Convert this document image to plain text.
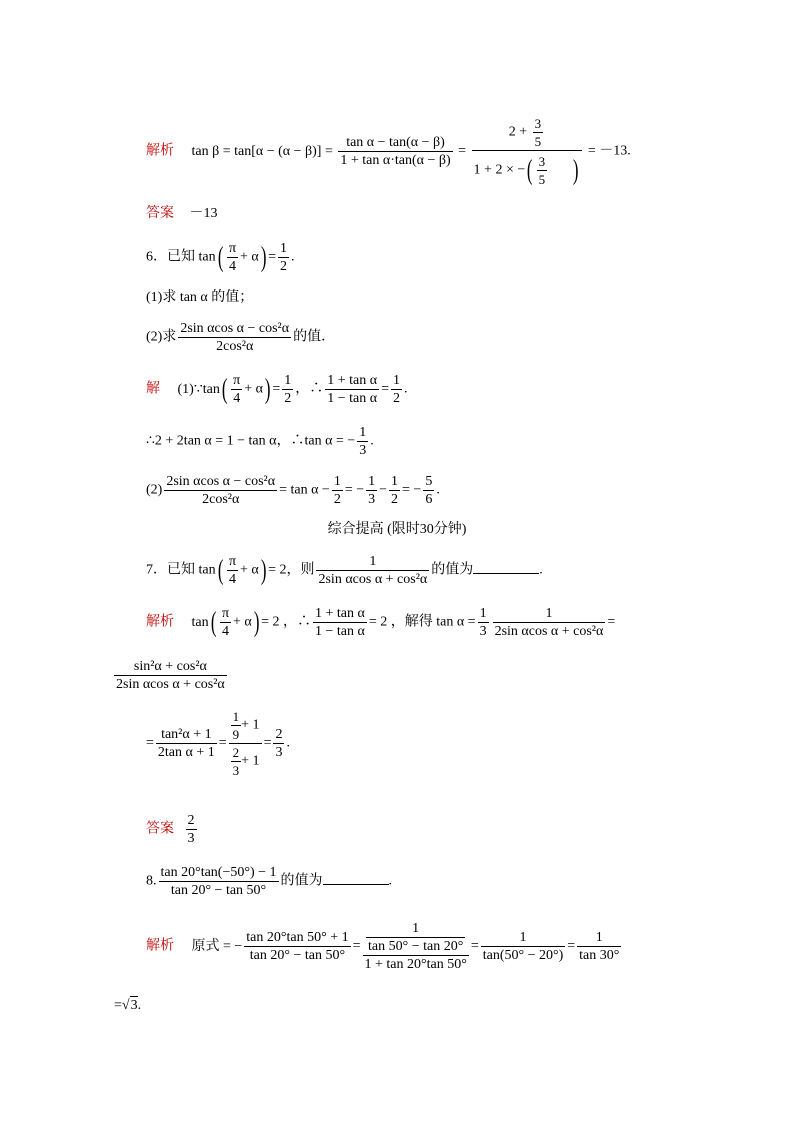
解析 $\tan \beta = \tan[\alpha - (\alpha - \beta)] = \frac{\text{tan α − tan(α − β)}}{\text{1 + tan α·tan(α − β)}} = \frac{2 + \frac{3}{5}}{1 + 2 \times -( \frac{3}{5} )} = -13$.
答案 －13
6．已知 $\tan( \frac{\pi}{4} + \alpha) = \frac{1}{2}$ .
(1)求 tan α 的值；
(2)求 $\frac{\text{2sin αcos α − cos²α}}{\text{2cos²α}}$ 的值．
解 (1)∵tan( $\frac{\pi}{4} + \alpha) = \frac{1}{2}$ ，∴ $\frac{\text{1 + tan α}}{\text{1 − tan α}} = \frac{1}{2}$ .
∴2 + 2tan α = 1 − tan α，∴tan α = − $\frac{1}{3}$ .
$(2) \frac{\text{2sin αcos α − cos²α}}{\text{2cos²α}} = \tan \alpha - \frac{1}{2}$ = − $\frac{1}{3} - \frac{1}{2}$ = − $\frac{5}{6}$ .
综合提高 (限时30分钟)
7．已知 $\tan( \frac{\pi}{4} + \alpha) = 2$，则 $\frac{1}{\text{2sin αcos α + cos²α}}$ 的值为	.
解析 $\tan( \frac{\pi}{4} + \alpha) = 2$ ，∴ $\frac{\text{1 + tan α}}{\text{1 − tan α}} = 2$ ，解得 $\tan \alpha = \frac{1}{3} \frac{1}{\text{2sin αcos α + cos²α}}$ =
$\frac{\text{sin²α + cos²α}}{\text{2sin αcos α + cos²α}}$
= $\frac{\text{tan²α + 1}}{\text{2tan α + 1}} = \frac{\frac{1}{9} + 1}{\frac{2}{3} + 1} = \frac{2}{3}$ .
答案 $\frac{2}{3}$
8. $\frac{\tan 20^\circ\tan(-50^\circ) - 1}{\tan 20^\circ - \tan 50^\circ}$ 的值为	.
解析 原式 = − $\frac{\tan 20^\circ\tan 50^\circ + 1}{\tan 20^\circ - \tan 50^\circ} = \frac{\frac{1}{\tan 50^\circ - \tan 20^\circ}}{1 + \tan 20^\circ\tan 50^\circ} = \frac{1}{\tan(50^\circ - 20^\circ)} = \frac{1}{\tan 30^\circ}$
=√3.
